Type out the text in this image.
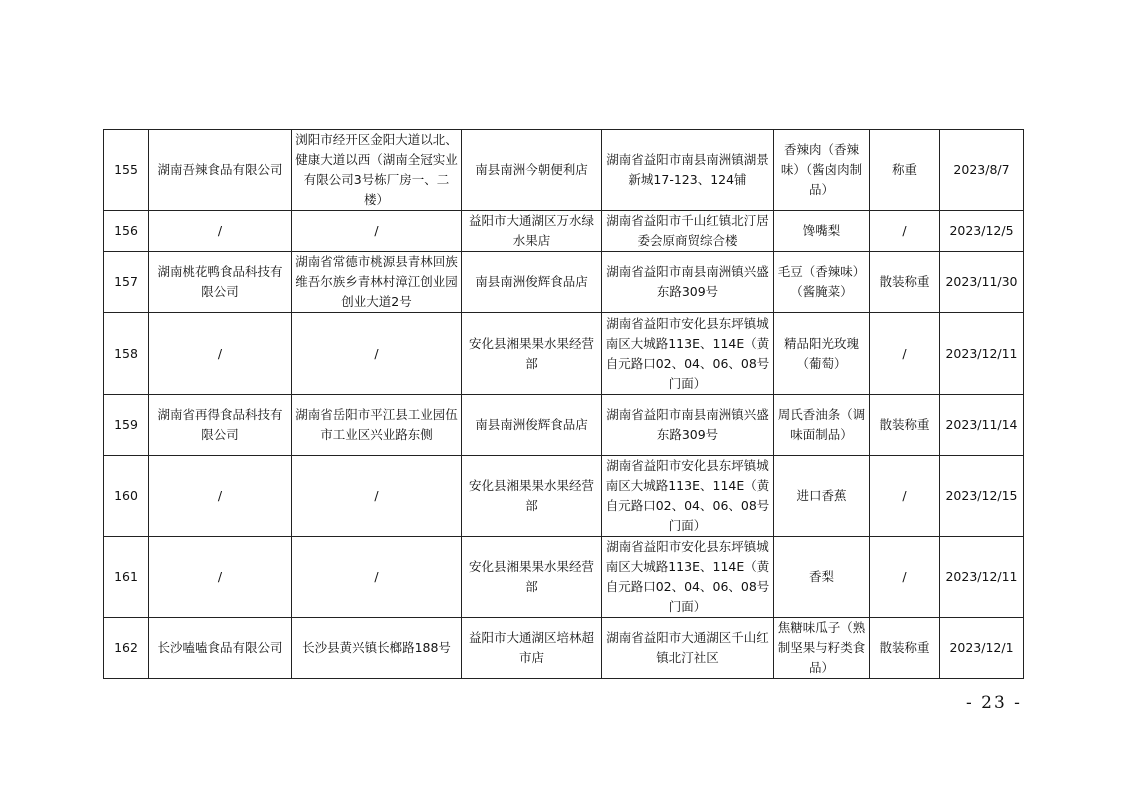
155	湖南吾辣食品有限公司	浏阳市经开区金阳大道以北、健康大道以西（湖南全冠实业有限公司3号栋厂房一、二楼）	南县南洲今朝便利店	湖南省益阳市南县南洲镇湖景新城17-123、124铺	香辣肉（香辣味）（酱卤肉制品）	称重	2023/8/7
156	/	/	益阳市大通湖区万水绿水果店	湖南省益阳市千山红镇北汀居委会原商贸综合楼	馋嘴梨	/	2023/12/5
157	湖南桃花鸭食品科技有限公司	湖南省常德市桃源县青林回族维吾尔族乡青林村漳江创业园创业大道2号	南县南洲俊辉食品店	湖南省益阳市南县南洲镇兴盛东路309号	毛豆（香辣味）（酱腌菜）	散装称重	2023/11/30
158	/	/	安化县湘果果水果经营部	湖南省益阳市安化县东坪镇城南区大城路113E、114E（黄自元路口02、04、06、08号门面）	精品阳光玫瑰（葡萄）	/	2023/12/11
159	湖南省再得食品科技有限公司	湖南省岳阳市平江县工业园伍市工业区兴业路东侧	南县南洲俊辉食品店	湖南省益阳市南县南洲镇兴盛东路309号	周氏香油条（调味面制品）	散装称重	2023/11/14
160	/	/	安化县湘果果水果经营部	湖南省益阳市安化县东坪镇城南区大城路113E、114E（黄自元路口02、04、06、08号门面）	进口香蕉	/	2023/12/15
161	/	/	安化县湘果果水果经营部	湖南省益阳市安化县东坪镇城南区大城路113E、114E（黄自元路口02、04、06、08号门面）	香梨	/	2023/12/11
162	长沙嗑嗑食品有限公司	长沙县黄兴镇长榔路188号	益阳市大通湖区培林超市店	湖南省益阳市大通湖区千山红镇北汀社区	焦糖味瓜子（熟制坚果与籽类食品）	散装称重	2023/12/1
- 23 -
